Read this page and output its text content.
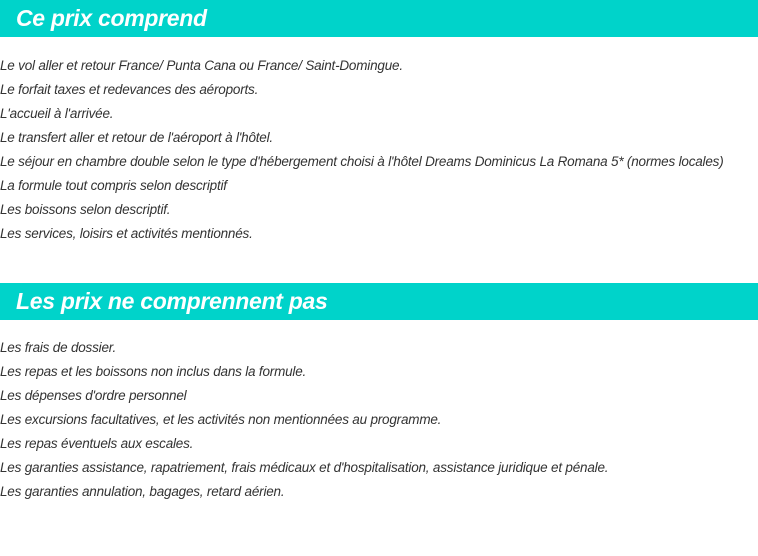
Ce prix comprend
Le vol aller et retour France/ Punta Cana ou France/ Saint-Domingue.
Le forfait taxes et redevances des aéroports.
L'accueil à l'arrivée.
Le transfert aller et retour de l'aéroport à l'hôtel.
Le séjour en chambre double selon le type d'hébergement choisi à l'hôtel Dreams Dominicus La Romana 5* (normes locales)
La formule tout compris selon descriptif
Les boissons selon descriptif.
Les services, loisirs et activités mentionnés.
Les prix ne comprennent pas
Les frais de dossier.
Les repas et les boissons non inclus dans la formule.
Les dépenses d'ordre personnel
Les excursions facultatives, et les activités non mentionnées au programme.
Les repas éventuels aux escales.
Les garanties assistance, rapatriement, frais médicaux et d'hospitalisation, assistance juridique et pénale.
Les garanties annulation, bagages, retard aérien.
